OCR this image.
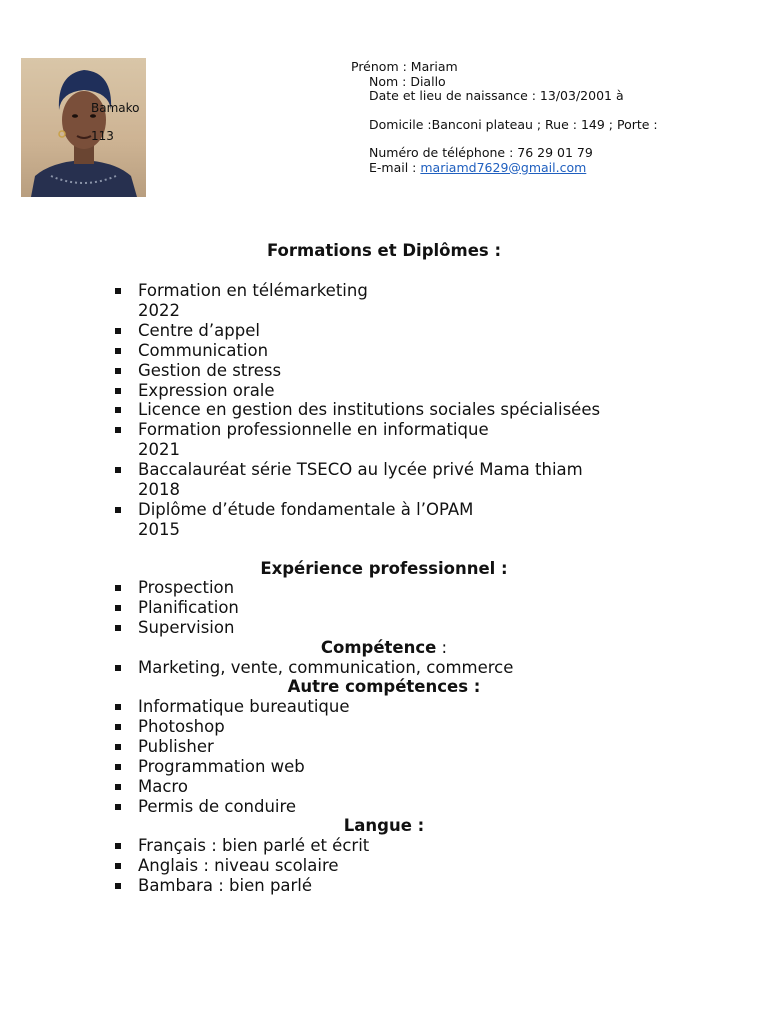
Bamako
113
Prénom : Mariam
Nom : Diallo
Date et lieu de naissance : 13/03/2001 à
Domicile :Banconi plateau ; Rue : 149 ; Porte :
Numéro de téléphone : 76 29 01 79
E-mail : mariamd7629@gmail.com
Formations et Diplômes :
Formation en télémarketing
2022
Centre d’appel
Communication
Gestion de stress
Expression orale
Licence en gestion des institutions sociales spécialisées
Formation professionnelle en informatique
2021
Baccalauréat série TSECO au lycée privé Mama thiam
2018
Diplôme d’étude fondamentale à l’OPAM
2015
Expérience professionnel :
Prospection
Planification
Supervision
Compétence :
Marketing, vente, communication, commerce
Autre compétences :
Informatique bureautique
Photoshop
Publisher
Programmation web
Macro
Permis de conduire
Langue :
Français : bien parlé et écrit
Anglais : niveau scolaire
Bambara : bien parlé
